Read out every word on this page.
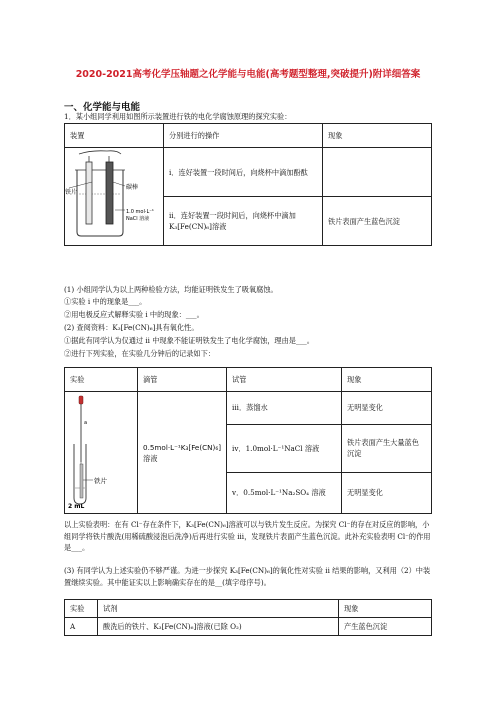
2020-2021高考化学压轴题之化学能与电能(高考题型整理,突破提升)附详细答案
一、化学能与电能
1．某小组同学利用如图所示装置进行铁的电化学腐蚀原理的探究实验：
装置	分别进行的操作	现象

铁片
碳棒
1.0 mol·L⁻¹
NaCl 溶液	i．连好装置一段时间后，向烧杯中滴加酚酞	
	ii．连好装置一段时间后，向烧杯中滴加K₃[Fe(CN)₆]溶液	铁片表面产生蓝色沉淀
(1) 小组同学认为以上两种检验方法，均能证明铁发生了吸氧腐蚀。
①实验 i 中的现象是___。
②用电极反应式解释实验 i 中的现象：___。
(2) 查阅资料：K₃[Fe(CN)₆]具有氧化性。
①据此有同学认为仅通过 ii 中现象不能证明铁发生了电化学腐蚀，理由是___。
②进行下列实验，在实验几分钟后的记录如下：
实验	滴管	试管	现象

a
铁片
2 mL	0.5mol·L⁻¹K₃[Fe(CN)₆]溶液	iii．蒸馏水	无明显变化
		iv．1.0mol·L⁻¹NaCl 溶液	铁片表面产生大量蓝色沉淀
		v．0.5mol·L⁻¹Na₂SO₄ 溶液	无明显变化
以上实验表明：在有 Cl⁻存在条件下，K₃[Fe(CN)₆]溶液可以与铁片发生反应。为探究 Cl⁻的存在对反应的影响，小组同学将铁片酸洗(用稀硫酸浸泡后洗净)后再进行实验 iii，发现铁片表面产生蓝色沉淀。此补充实验表明 Cl⁻的作用是___。
(3) 有同学认为上述实验仍不够严谨。为进一步探究 K₃[Fe(CN)₆]的氧化性对实验 ii 结果的影响，又利用（2）中装置继续实验。其中能证实以上影响确实存在的是__(填字母序号)。
实验	试剂	现象
A	酸洗后的铁片、K₃[Fe(CN)₆]溶液(已除 O₂)	产生蓝色沉淀
